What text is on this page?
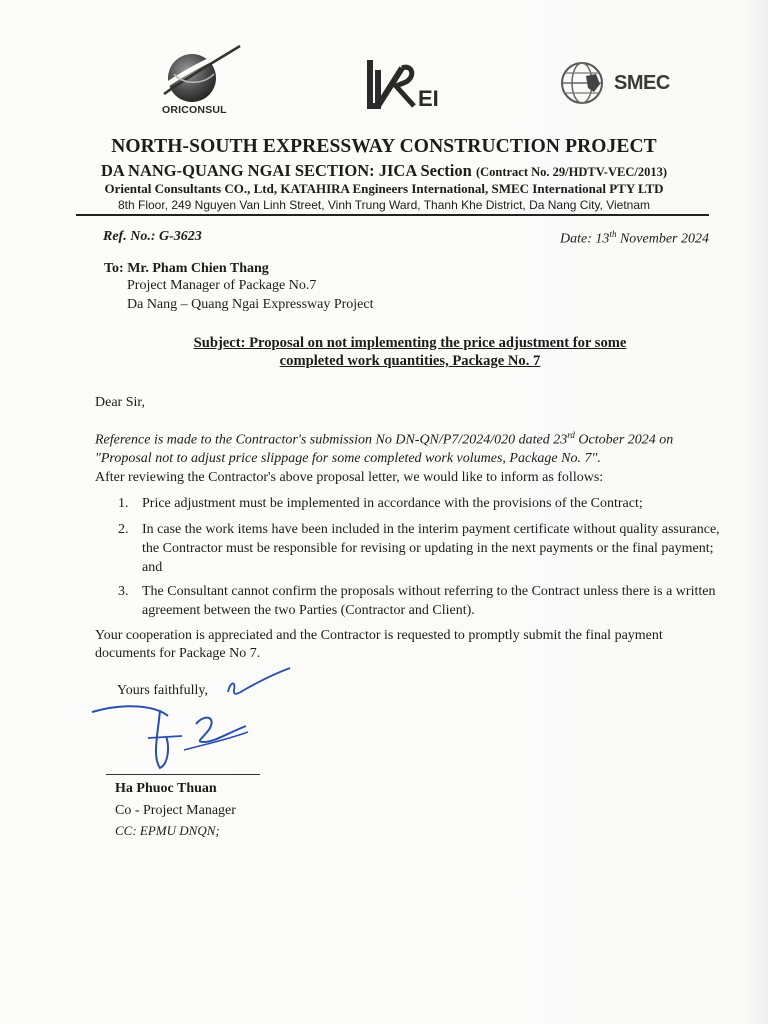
ORICONSUL	EI
SMEC
NORTH-SOUTH EXPRESSWAY CONSTRUCTION PROJECT
DA NANG-QUANG NGAI SECTION: JICA Section (Contract No. 29/HDTV-VEC/2013)
Oriental Consultants CO., Ltd, KATAHIRA Engineers International, SMEC International PTY LTD
8th Floor, 249 Nguyen Van Linh Street, Vinh Trung Ward, Thanh Khe District, Da Nang City, Vietnam
Ref. No.: G-3623	Date: 13th November 2024
To: Mr. Pham Chien Thang
Project Manager of Package No.7
Da Nang – Quang Ngai Expressway Project
Subject: Proposal on not implementing the price adjustment for some
completed work quantities, Package No. 7
Dear Sir,
Reference is made to the Contractor's submission No DN-QN/P7/2024/020 dated 23rd October 2024 on "Proposal not to adjust price slippage for some completed work volumes, Package No. 7".
After reviewing the Contractor's above proposal letter, we would like to inform as follows:
1. Price adjustment must be implemented in accordance with the provisions of the Contract;
2. In case the work items have been included in the interim payment certificate without quality assurance, the Contractor must be responsible for revising or updating in the next payments or the final payment; and
3. The Consultant cannot confirm the proposals without referring to the Contract unless there is a written agreement between the two Parties (Contractor and Client).
Your cooperation is appreciated and the Contractor is requested to promptly submit the final payment documents for Package No 7.
Yours faithfully,
Ha Phuoc Thuan
Co - Project Manager
CC: EPMU DNQN;
